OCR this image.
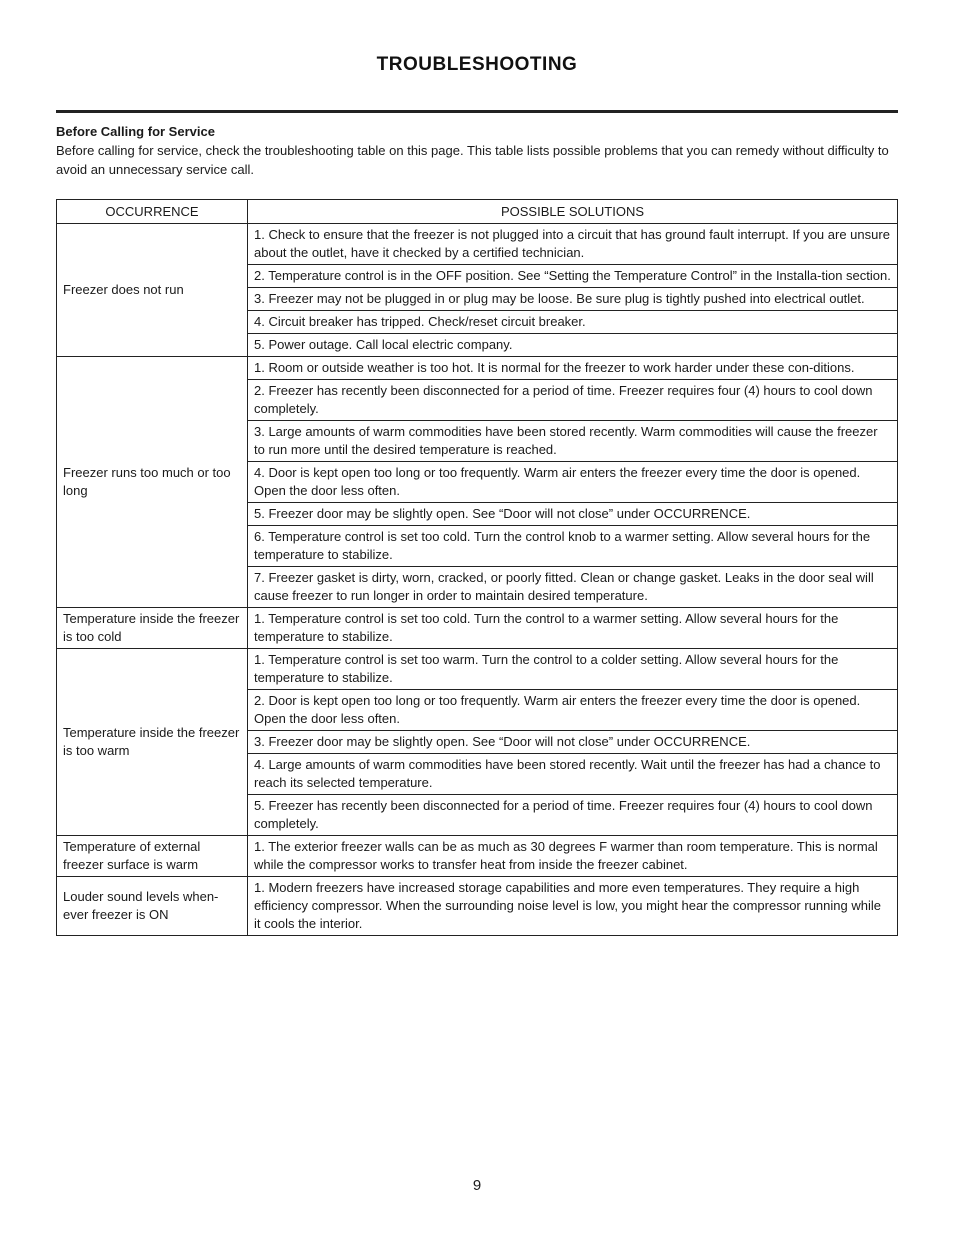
TROUBLESHOOTING
Before Calling for Service
Before calling for service, check the troubleshooting table on this page. This table lists possible problems that you can remedy without difficulty to avoid an unnecessary service call.
OCCURRENCE	POSSIBLE SOLUTIONS
Freezer does not run	1. Check to ensure that the freezer is not plugged into a circuit that has ground fault interrupt. If you are unsure about the outlet, have it checked by a certified technician.
	2. Temperature control is in the OFF position. See “Setting the Temperature Control” in the Installa-tion section.
	3. Freezer may not be plugged in or plug may be loose. Be sure plug is tightly pushed into electrical outlet.
	4. Circuit breaker has tripped. Check/reset circuit breaker.
	5. Power outage. Call local electric company.
Freezer runs too much or too long	1. Room or outside weather is too hot. It is normal for the freezer to work harder under these con-ditions.
	2. Freezer has recently been disconnected for a period of time. Freezer requires four (4) hours to cool down completely.
	3. Large amounts of warm commodities have been stored recently. Warm commodities will cause the freezer to run more until the desired temperature is reached.
	4. Door is kept open too long or too frequently. Warm air enters the freezer every time the door is opened. Open the door less often.
	5. Freezer door may be slightly open. See “Door will not close” under OCCURRENCE.
	6. Temperature control is set too cold. Turn the control knob to a warmer setting. Allow several hours for the temperature to stabilize.
	7. Freezer gasket is dirty, worn, cracked, or poorly fitted. Clean or change gasket. Leaks in the door seal will cause freezer to run longer in order to maintain desired temperature.
Temperature inside the freezer is too cold	1. Temperature control is set too cold. Turn the control to a warmer setting. Allow several hours for the temperature to stabilize.
Temperature inside the freezer is too warm	1. Temperature control is set too warm. Turn the control to a colder setting. Allow several hours for the temperature to stabilize.
	2. Door is kept open too long or too frequently. Warm air enters the freezer every time the door is opened. Open the door less often.
	3. Freezer door may be slightly open. See “Door will not close” under OCCURRENCE.
	4. Large amounts of warm commodities have been stored recently. Wait until the freezer has had a chance to reach its selected temperature.
	5. Freezer has recently been disconnected for a period of time. Freezer requires four (4) hours to cool down completely.
Temperature of external freezer surface is warm	1. The exterior freezer walls can be as much as 30 degrees F warmer than room temperature. This is normal while the compressor works to transfer heat from inside the freezer cabinet.
Louder sound levels when-ever freezer is ON	1. Modern freezers have increased storage capabilities and more even temperatures. They require a high efficiency compressor. When the surrounding noise level is low, you might hear the compressor running while it cools the interior.
9
